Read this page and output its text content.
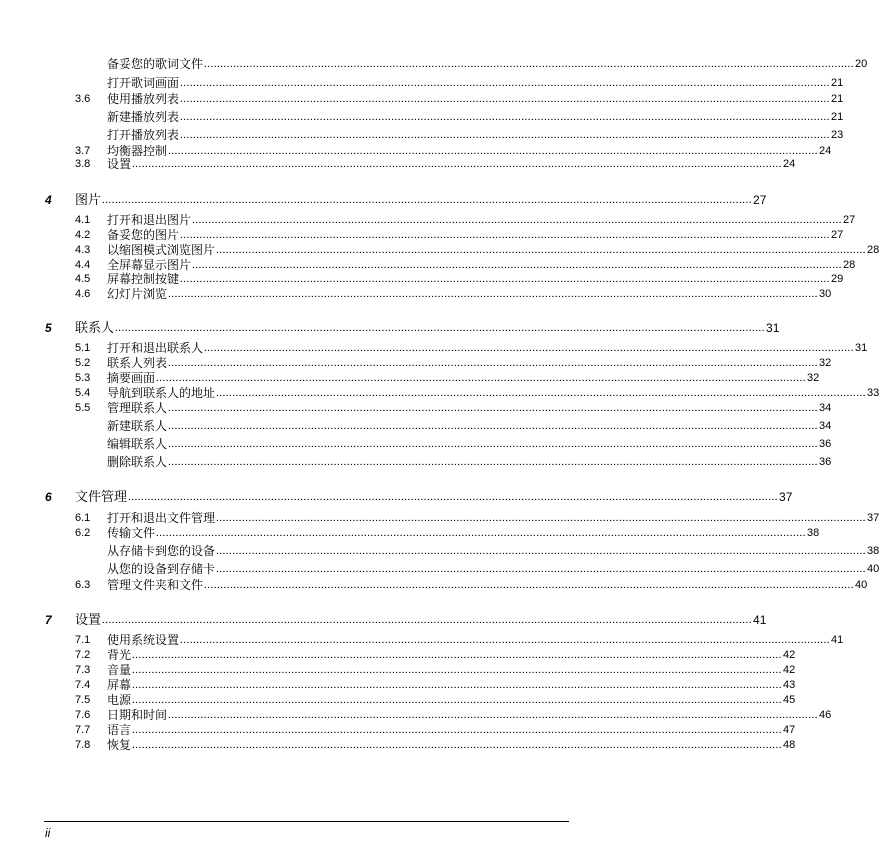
备妥您的歌词文件 ........................................................................................................................................................................................................ 20
打开歌词画面 ........................................................................................................................................................................................................ 21
3.6 使用播放列表 ........................................................................................................................................................................................................ 21
新建播放列表 ........................................................................................................................................................................................................ 21
打开播放列表 ........................................................................................................................................................................................................ 23
3.7 均衡器控制 ........................................................................................................................................................................................................ 24
3.8 设置 ........................................................................................................................................................................................................ 24
4 图片 ........................................................................................................................................................................................................ 27
4.1 打开和退出图片 ........................................................................................................................................................................................................ 27
4.2 备妥您的图片 ........................................................................................................................................................................................................ 27
4.3 以缩图模式浏览图片 ........................................................................................................................................................................................................ 28
4.4 全屏幕显示图片 ........................................................................................................................................................................................................ 28
4.5 屏幕控制按键 ........................................................................................................................................................................................................ 29
4.6 幻灯片浏览 ........................................................................................................................................................................................................ 30
5 联系人 ........................................................................................................................................................................................................ 31
5.1 打开和退出联系人 ........................................................................................................................................................................................................ 31
5.2 联系人列表 ........................................................................................................................................................................................................ 32
5.3 摘要画面 ........................................................................................................................................................................................................ 32
5.4 导航到联系人的地址 ........................................................................................................................................................................................................ 33
5.5 管理联系人 ........................................................................................................................................................................................................ 34
新建联系人 ........................................................................................................................................................................................................ 34
编辑联系人 ........................................................................................................................................................................................................ 36
删除联系人 ........................................................................................................................................................................................................ 36
6 文件管理 ........................................................................................................................................................................................................ 37
6.1 打开和退出文件管理 ........................................................................................................................................................................................................ 37
6.2 传输文件 ........................................................................................................................................................................................................ 38
从存储卡到您的设备 ........................................................................................................................................................................................................ 38
从您的设备到存储卡 ........................................................................................................................................................................................................ 40
6.3 管理文件夹和文件 ........................................................................................................................................................................................................ 40
7 设置 ........................................................................................................................................................................................................ 41
7.1 使用系统设置 ........................................................................................................................................................................................................ 41
7.2 背光 ........................................................................................................................................................................................................ 42
7.3 音量 ........................................................................................................................................................................................................ 42
7.4 屏幕 ........................................................................................................................................................................................................ 43
7.5 电源 ........................................................................................................................................................................................................ 45
7.6 日期和时间 ........................................................................................................................................................................................................ 46
7.7 语言 ........................................................................................................................................................................................................ 47
7.8 恢复 ........................................................................................................................................................................................................ 48
ii
